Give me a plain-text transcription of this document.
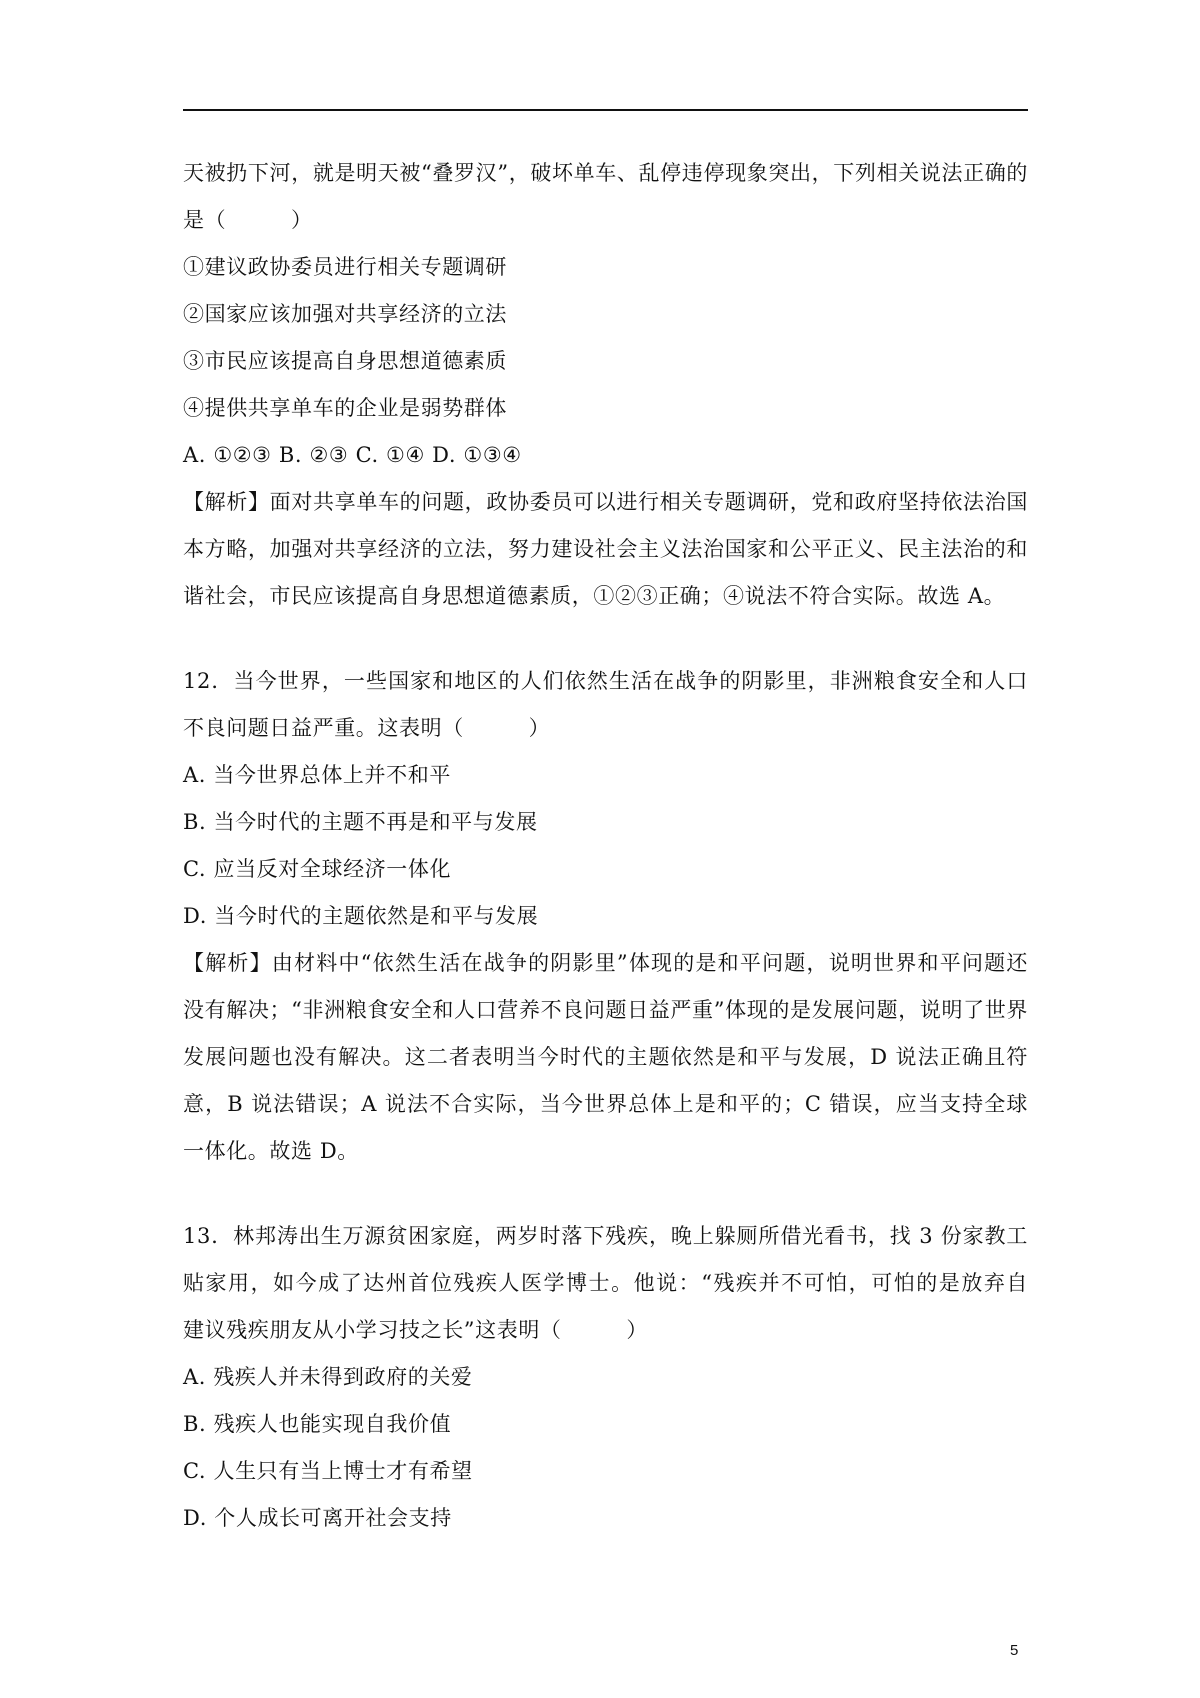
天被扔下河，就是明天被“叠罗汉”，破坏单车、乱停违停现象突出，下列相关说法正确的
是（　　　）
①建议政协委员进行相关专题调研
②国家应该加强对共享经济的立法
③市民应该提高自身思想道德素质
④提供共享单车的企业是弱势群体
A. ①②③ B. ②③ C. ①④ D. ①③④
【解析】面对共享单车的问题，政协委员可以进行相关专题调研，党和政府坚持依法治国
本方略，加强对共享经济的立法，努力建设社会主义法治国家和公平正义、民主法治的和
谐社会，市民应该提高自身思想道德素质，①②③正确；④说法不符合实际。故选 A。
12．当今世界，一些国家和地区的人们依然生活在战争的阴影里，非洲粮食安全和人口
不良问题日益严重。这表明（　　　）
A. 当今世界总体上并不和平
B. 当今时代的主题不再是和平与发展
C. 应当反对全球经济一体化
D. 当今时代的主题依然是和平与发展
【解析】由材料中“依然生活在战争的阴影里”体现的是和平问题，说明世界和平问题还
没有解决；“非洲粮食安全和人口营养不良问题日益严重”体现的是发展问题，说明了世界
发展问题也没有解决。这二者表明当今时代的主题依然是和平与发展，D 说法正确且符
意，B 说法错误；A 说法不合实际，当今世界总体上是和平的；C 错误，应当支持全球
一体化。故选 D。
13．林邦涛出生万源贫困家庭，两岁时落下残疾，晚上躲厕所借光看书，找 3 份家教工
贴家用，如今成了达州首位残疾人医学博士。他说：“残疾并不可怕，可怕的是放弃自
建议残疾朋友从小学习技之长”这表明（　　　）
A. 残疾人并未得到政府的关爱
B. 残疾人也能实现自我价值
C. 人生只有当上博士才有希望
D. 个人成长可离开社会支持
5
